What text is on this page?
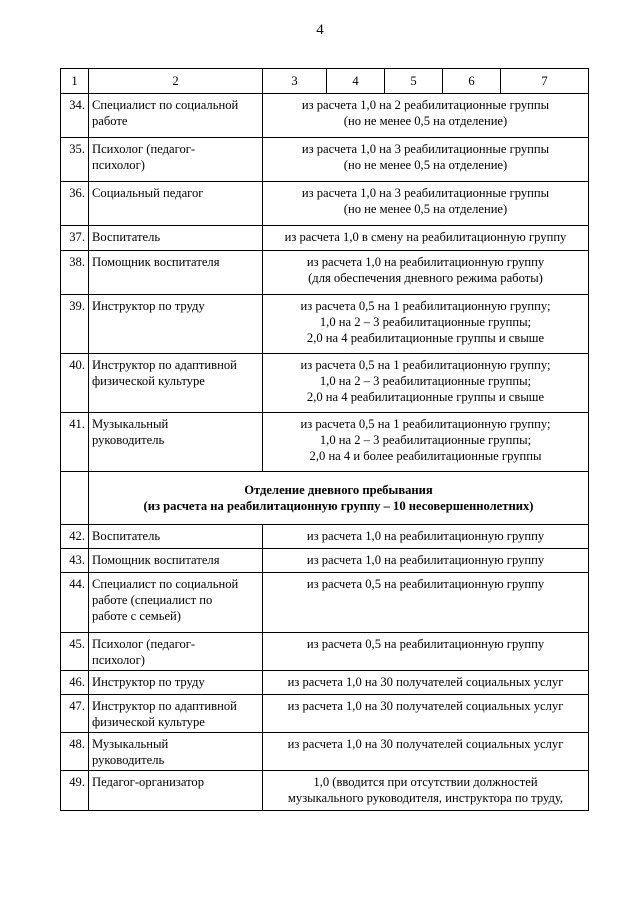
4
1	2	3	4	5	6	7
34.	Специалист по социальной
работе	из расчета 1,0 на 2 реабилитационные группы
(но не менее 0,5 на отделение)				

35.	Психолог (педагог-
психолог)	из расчета 1,0 на 3 реабилитационные группы
(но не менее 0,5 на отделение)				

36.	Социальный педагог	из расчета 1,0 на 3 реабилитационные группы
(но не менее 0,5 на отделение)				

37.	Воспитатель	из расчета 1,0 в смену на реабилитационную группу				

38.	Помощник воспитателя	из расчета 1,0 на реабилитационную группу
(для обеспечения дневного режима работы)				

39.	Инструктор по труду	из расчета 0,5 на 1 реабилитационную группу;
1,0 на 2 – 3 реабилитационные группы;
2,0 на 4 реабилитационные группы и свыше				

40.	Инструктор по адаптивной
физической культуре	из расчета 0,5 на 1 реабилитационную группу;
1,0 на 2 – 3 реабилитационные группы;
2,0 на 4 реабилитационные группы и свыше				

41.	Музыкальный
руководитель	из расчета 0,5 на 1 реабилитационную группу;
1,0 на 2 – 3 реабилитационные группы;
2,0 на 4 и более реабилитационные группы				

	Отделение дневного пребывания
(из расчета на реабилитационную группу – 10 несовершеннолетних)					

42.	Воспитатель	из расчета 1,0 на реабилитационную группу				

43.	Помощник воспитателя	из расчета 1,0 на реабилитационную группу				

44.	Специалист по социальной
работе (специалист по
работе с семьей)	из расчета 0,5 на реабилитационную группу				

45.	Психолог (педагог-
психолог)	из расчета 0,5 на реабилитационную группу				

46.	Инструктор по труду	из расчета 1,0 на 30 получателей социальных услуг				

47.	Инструктор по адаптивной
физической культуре	из расчета 1,0 на 30 получателей социальных услуг				

48.	Музыкальный
руководитель	из расчета 1,0 на 30 получателей социальных услуг				

49.	Педагог-организатор	1,0 (вводится при отсутствии должностей
музыкального руководителя, инструктора по труду,				
